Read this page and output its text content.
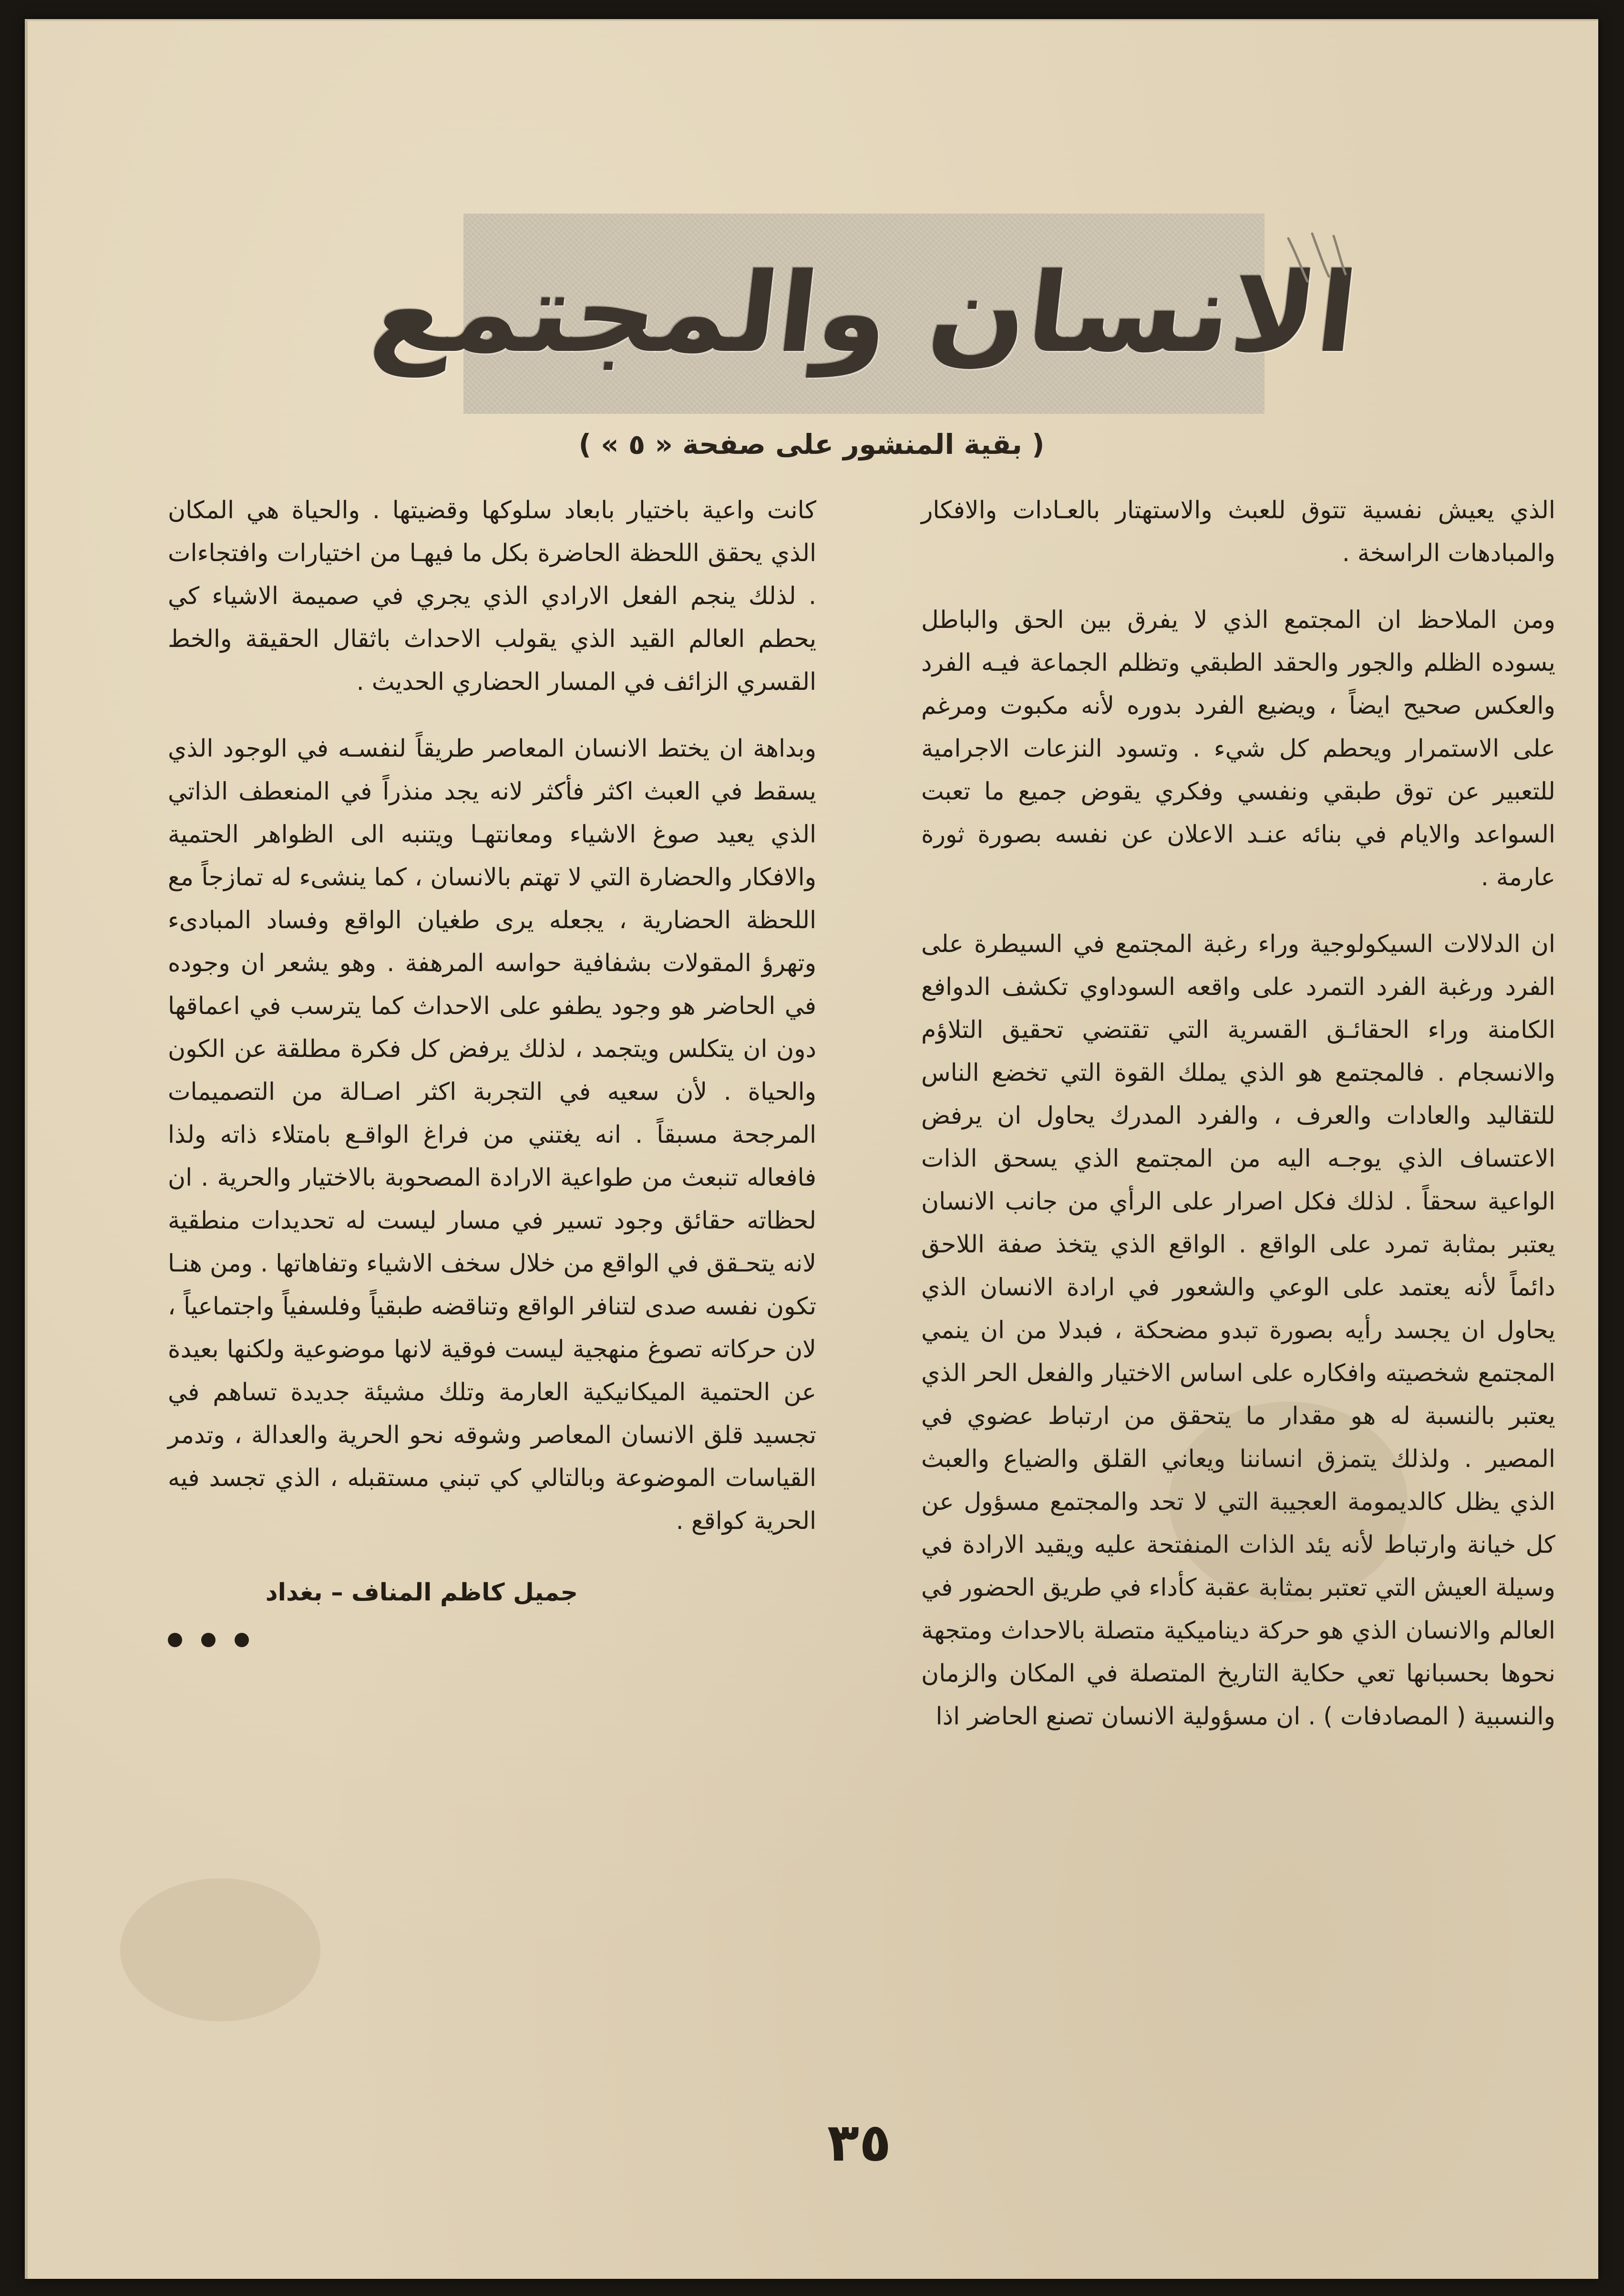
الانسان والمجتمع

( بقية المنشور على صفحة « ٥ » )

الذي يعيش نفسية تتوق للعبث والاستهتار بالعـادات والافكار والمبادهات الراسخة .

ومن الملاحظ ان المجتمع الذي لا يفرق بين الحق والباطل يسوده الظلم والجور والحقد الطبقي وتظلم الجماعة فيـه الفرد والعكس صحيح ايضاً ، ويضيع الفرد بدوره لأنه مكبوت ومرغم على الاستمرار ويحطم كل شيء . وتسود النزعات الاجرامية للتعبير عن توق طبقي ونفسي وفكري يقوض جميع ما تعبت السواعد والايام في بنائه عنـد الاعلان عن نفسه بصورة ثورة عارمة .

ان الدلالات السيكولوجية وراء رغبة المجتمع في السيطرة على الفرد ورغبة الفرد التمرد على واقعه السوداوي تكشف الدوافع الكامنة وراء الحقائـق القسرية التي تقتضي تحقيق التلاؤم والانسجام . فالمجتمع هو الذي يملك القوة التي تخضع الناس للتقاليد والعادات والعرف ، والفرد المدرك يحاول ان يرفض الاعتساف الذي يوجـه اليه من المجتمع الذي يسحق الذات الواعية سحقاً . لذلك فكل اصرار على الرأي من جانب الانسان يعتبر بمثابة تمرد على الواقع . الواقع الذي يتخذ صفة اللاحق دائماً لأنه يعتمد على الوعي والشعور في ارادة الانسان الذي يحاول ان يجسد رأيه بصورة تبدو مضحكة ، فبدلا من ان ينمي المجتمع شخصيته وافكاره على اساس الاختيار والفعل الحر الذي يعتبر بالنسبة له هو مقدار ما يتحقق من ارتباط عضوي في المصير . ولذلك يتمزق انساننا ويعاني القلق والضياع والعبث الذي يظل كالديمومة العجيبة التي لا تحد والمجتمع مسؤول عن كل خيانة وارتباط لأنه يئد الذات المنفتحة عليه ويقيد الارادة في وسيلة العيش التي تعتبر بمثابة عقبة كأداء في طريق الحضور في العالم والانسان الذي هو حركة ديناميكية متصلة بالاحداث ومتجهة نحوها بحسبانها تعي حكاية التاريخ المتصلة في المكان والزمان والنسبية ( المصادفات ) . ان مسؤولية الانسان تصنع الحاضر اذا

كانت واعية باختيار بابعاد سلوكها وقضيتها . والحياة هي المكان الذي يحقق اللحظة الحاضرة بكل ما فيهـا من اختيارات وافتجاءات . لذلك ينجم الفعل الارادي الذي يجري في صميمة الاشياء كي يحطم العالم القيد الذي يقولب الاحداث باثقال الحقيقة والخط القسري الزائف في المسار الحضاري الحديث .

وبداهة ان يختط الانسان المعاصر طريقاً لنفسـه في الوجود الذي يسقط في العبث اكثر فأكثر لانه يجد منذراً في المنعطف الذاتي الذي يعيد صوغ الاشياء ومعانتهـا ويتنبه الى الظواهر الحتمية والافكار والحضارة التي لا تهتم بالانسان ، كما ينشىء له تمازجاً مع اللحظة الحضارية ، يجعله يرى طغيان الواقع وفساد المبادىء وتهرؤ المقولات بشفافية حواسه المرهفة . وهو يشعر ان وجوده في الحاضر هو وجود يطفو على الاحداث كما يترسب في اعماقها دون ان يتكلس ويتجمد ، لذلك يرفض كل فكرة مطلقة عن الكون والحياة . لأن سعيه في التجربة اكثر اصـالة من التصميمات المرجحة مسبقاً . انه يغتني من فراغ الواقـع بامتلاء ذاته ولذا فافعاله تنبعث من طواعية الارادة المصحوبة بالاختيار والحرية . ان لحظاته حقائق وجود تسير في مسار ليست له تحديدات منطقية لانه يتحـقق في الواقع من خلال سخف الاشياء وتفاهاتها . ومن هنـا تكون نفسه صدى لتنافر الواقع وتناقضه طبقياً وفلسفياً واجتماعياً ، لان حركاته تصوغ منهجية ليست فوقية لانها موضوعية ولكنها بعيدة عن الحتمية الميكانيكية العارمة وتلك مشيئة جديدة تساهم في تجسيد قلق الانسان المعاصر وشوقه نحو الحرية والعدالة ، وتدمر القياسات الموضوعة وبالتالي كي تبني مستقبله ، الذي تجسد فيه الحرية كواقع .

جميل كاظم المناف – بغداد

٣٥
